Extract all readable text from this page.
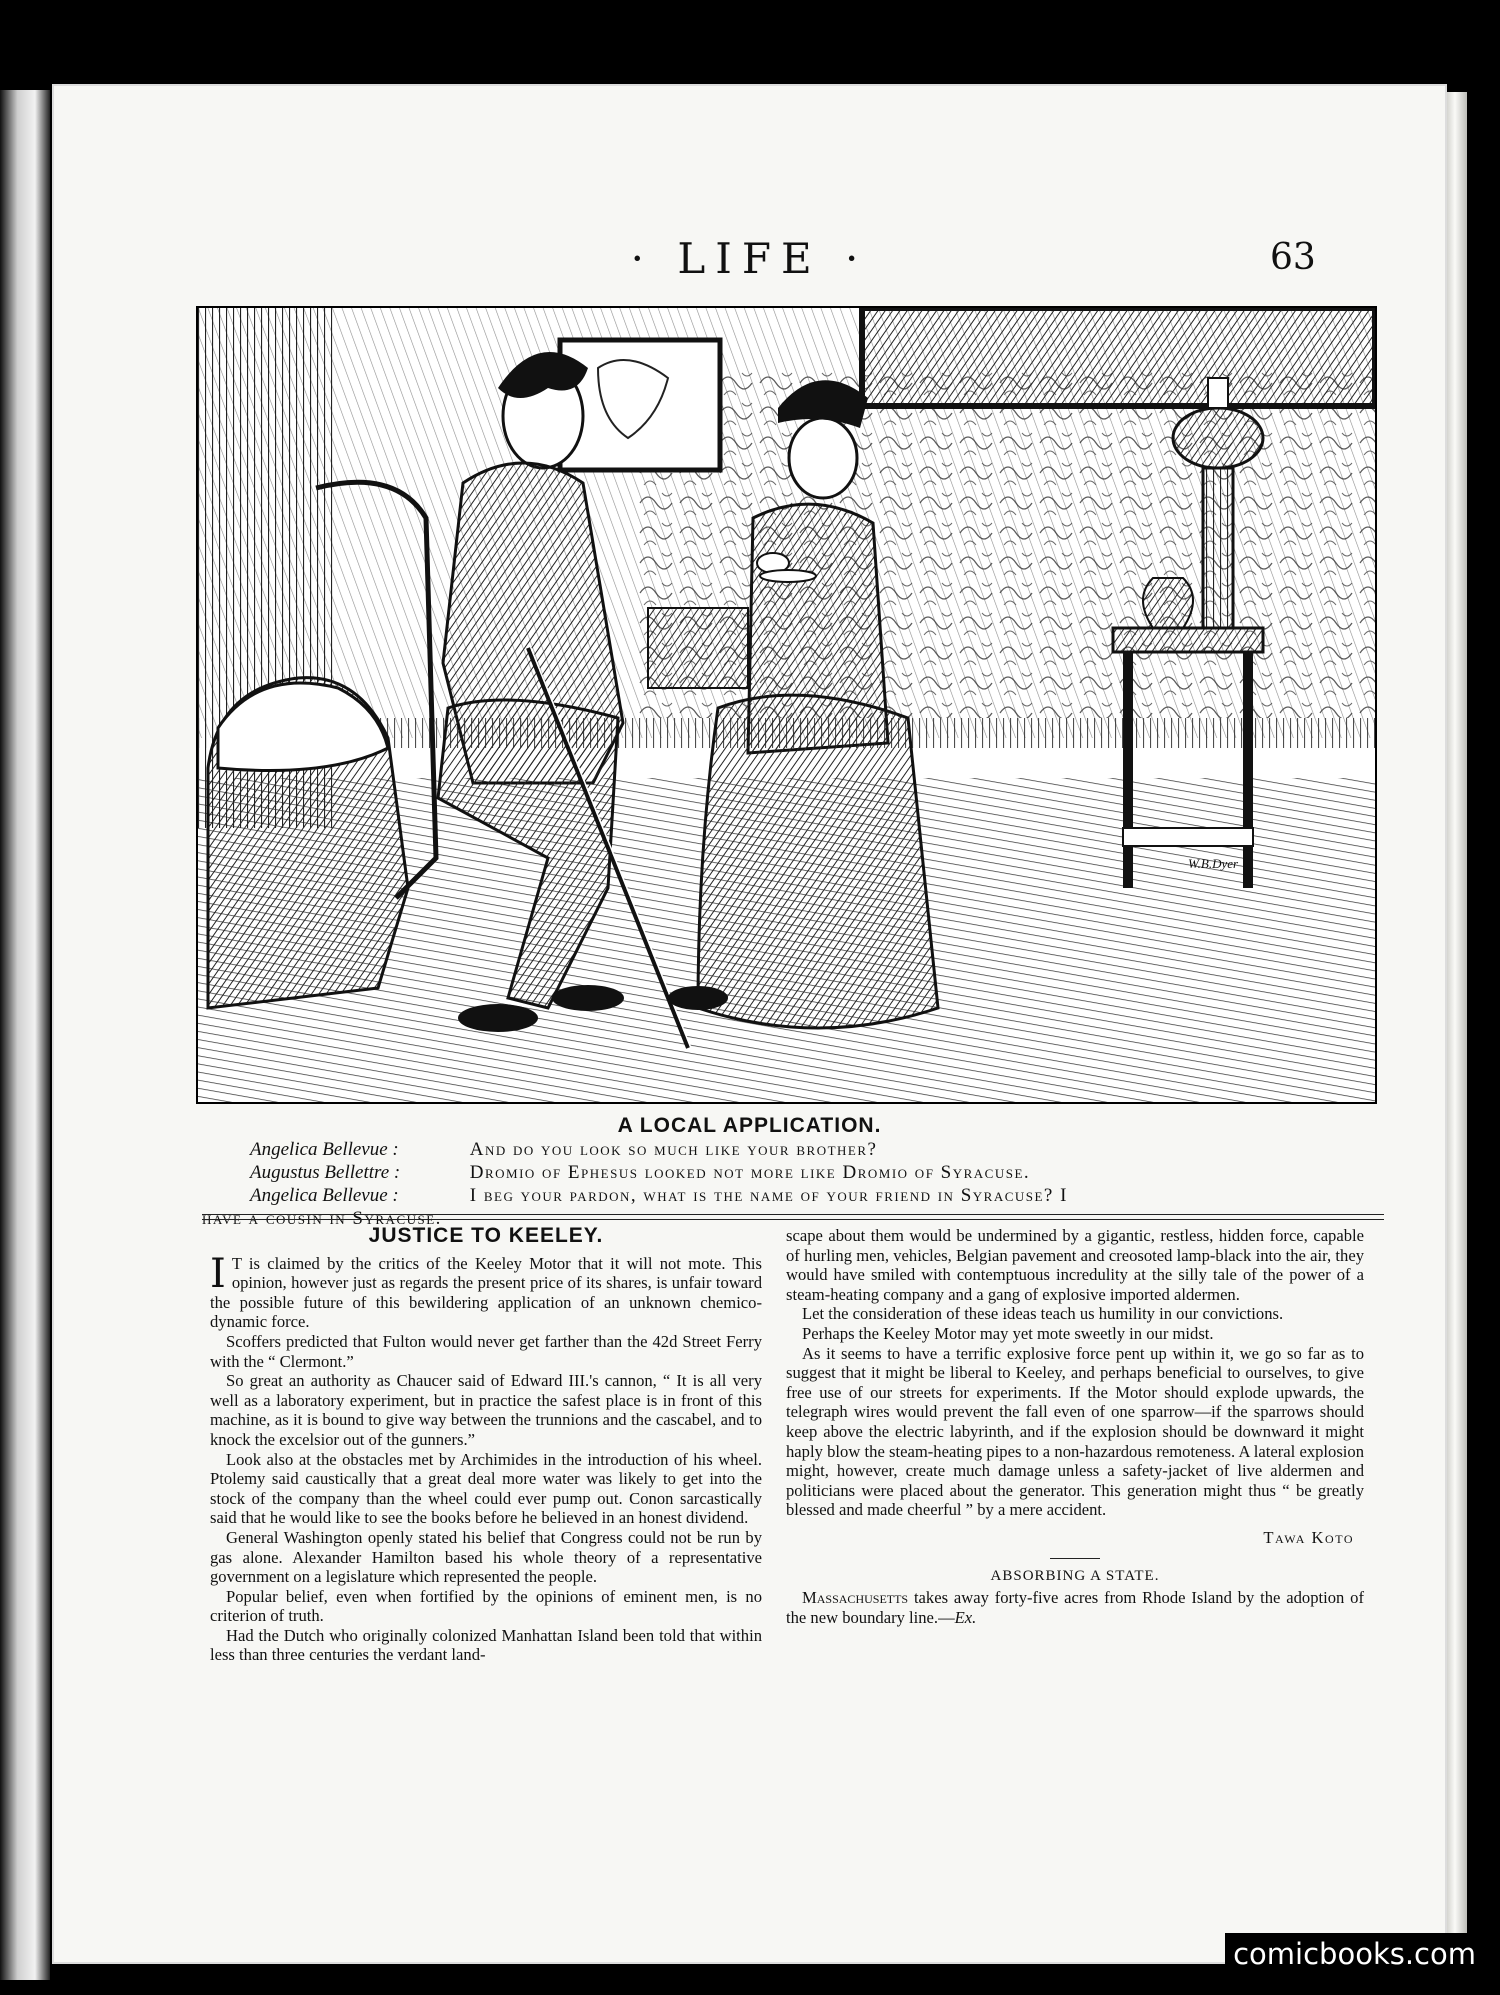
· LIFE ·	63
W.B.Dyer
A LOCAL APPLICATION.
Angelica Bellevue :	And do you look so much like your brother?
Augustus Bellettre :	Dromio of Ephesus looked not more like Dromio of Syracuse.
Angelica Bellevue :	I beg your pardon, what is the name of your friend in Syracuse? I
have a cousin in Syracuse.
JUSTICE TO KEELEY.

I T is claimed by the critics of the Keeley Motor that it will not mote. This opinion, however just as regards the present price of its shares, is unfair toward the possible future of this bewildering application of an unknown chemico-dynamic force.

Scoffers predicted that Fulton would never get farther than the 42d Street Ferry with the “ Clermont.”

So great an authority as Chaucer said of Edward III.'s cannon, “ It is all very well as a laboratory experiment, but in practice the safest place is in front of this machine, as it is bound to give way between the trunnions and the cascabel, and to knock the excelsior out of the gunners.”

Look also at the obstacles met by Archimides in the introduction of his wheel. Ptolemy said caustically that a great deal more water was likely to get into the stock of the company than the wheel could ever pump out. Conon sarcastically said that he would like to see the books before he believed in an honest dividend.

General Washington openly stated his belief that Congress could not be run by gas alone. Alexander Hamilton based his whole theory of a representative government on a legislature which represented the people.

Popular belief, even when fortified by the opinions of eminent men, is no criterion of truth.

Had the Dutch who originally colonized Manhattan Island been told that within less than three centuries the verdant land-

scape about them would be undermined by a gigantic, restless, hidden force, capable of hurling men, vehicles, Belgian pavement and creosoted lamp-black into the air, they would have smiled with contemptuous incredulity at the silly tale of the power of a steam-heating company and a gang of explosive imported aldermen.

Let the consideration of these ideas teach us humility in our convictions.

Perhaps the Keeley Motor may yet mote sweetly in our midst.

As it seems to have a terrific explosive force pent up within it, we go so far as to suggest that it might be liberal to Keeley, and perhaps beneficial to ourselves, to give free use of our streets for experiments. If the Motor should explode upwards, the telegraph wires would prevent the fall even of one sparrow—if the sparrows should keep above the electric labyrinth, and if the explosion should be downward it might haply blow the steam-heating pipes to a non-hazardous remoteness. A lateral explosion might, however, create much damage unless a safety-jacket of live aldermen and politicians were placed about the generator. This generation might thus “ be greatly blessed and made cheerful ” by a mere accident.

Tawa Koto
ABSORBING A STATE.

Massachusetts takes away forty-five acres from Rhode Island by the adoption of the new boundary line.—Ex.

comicbooks.com
